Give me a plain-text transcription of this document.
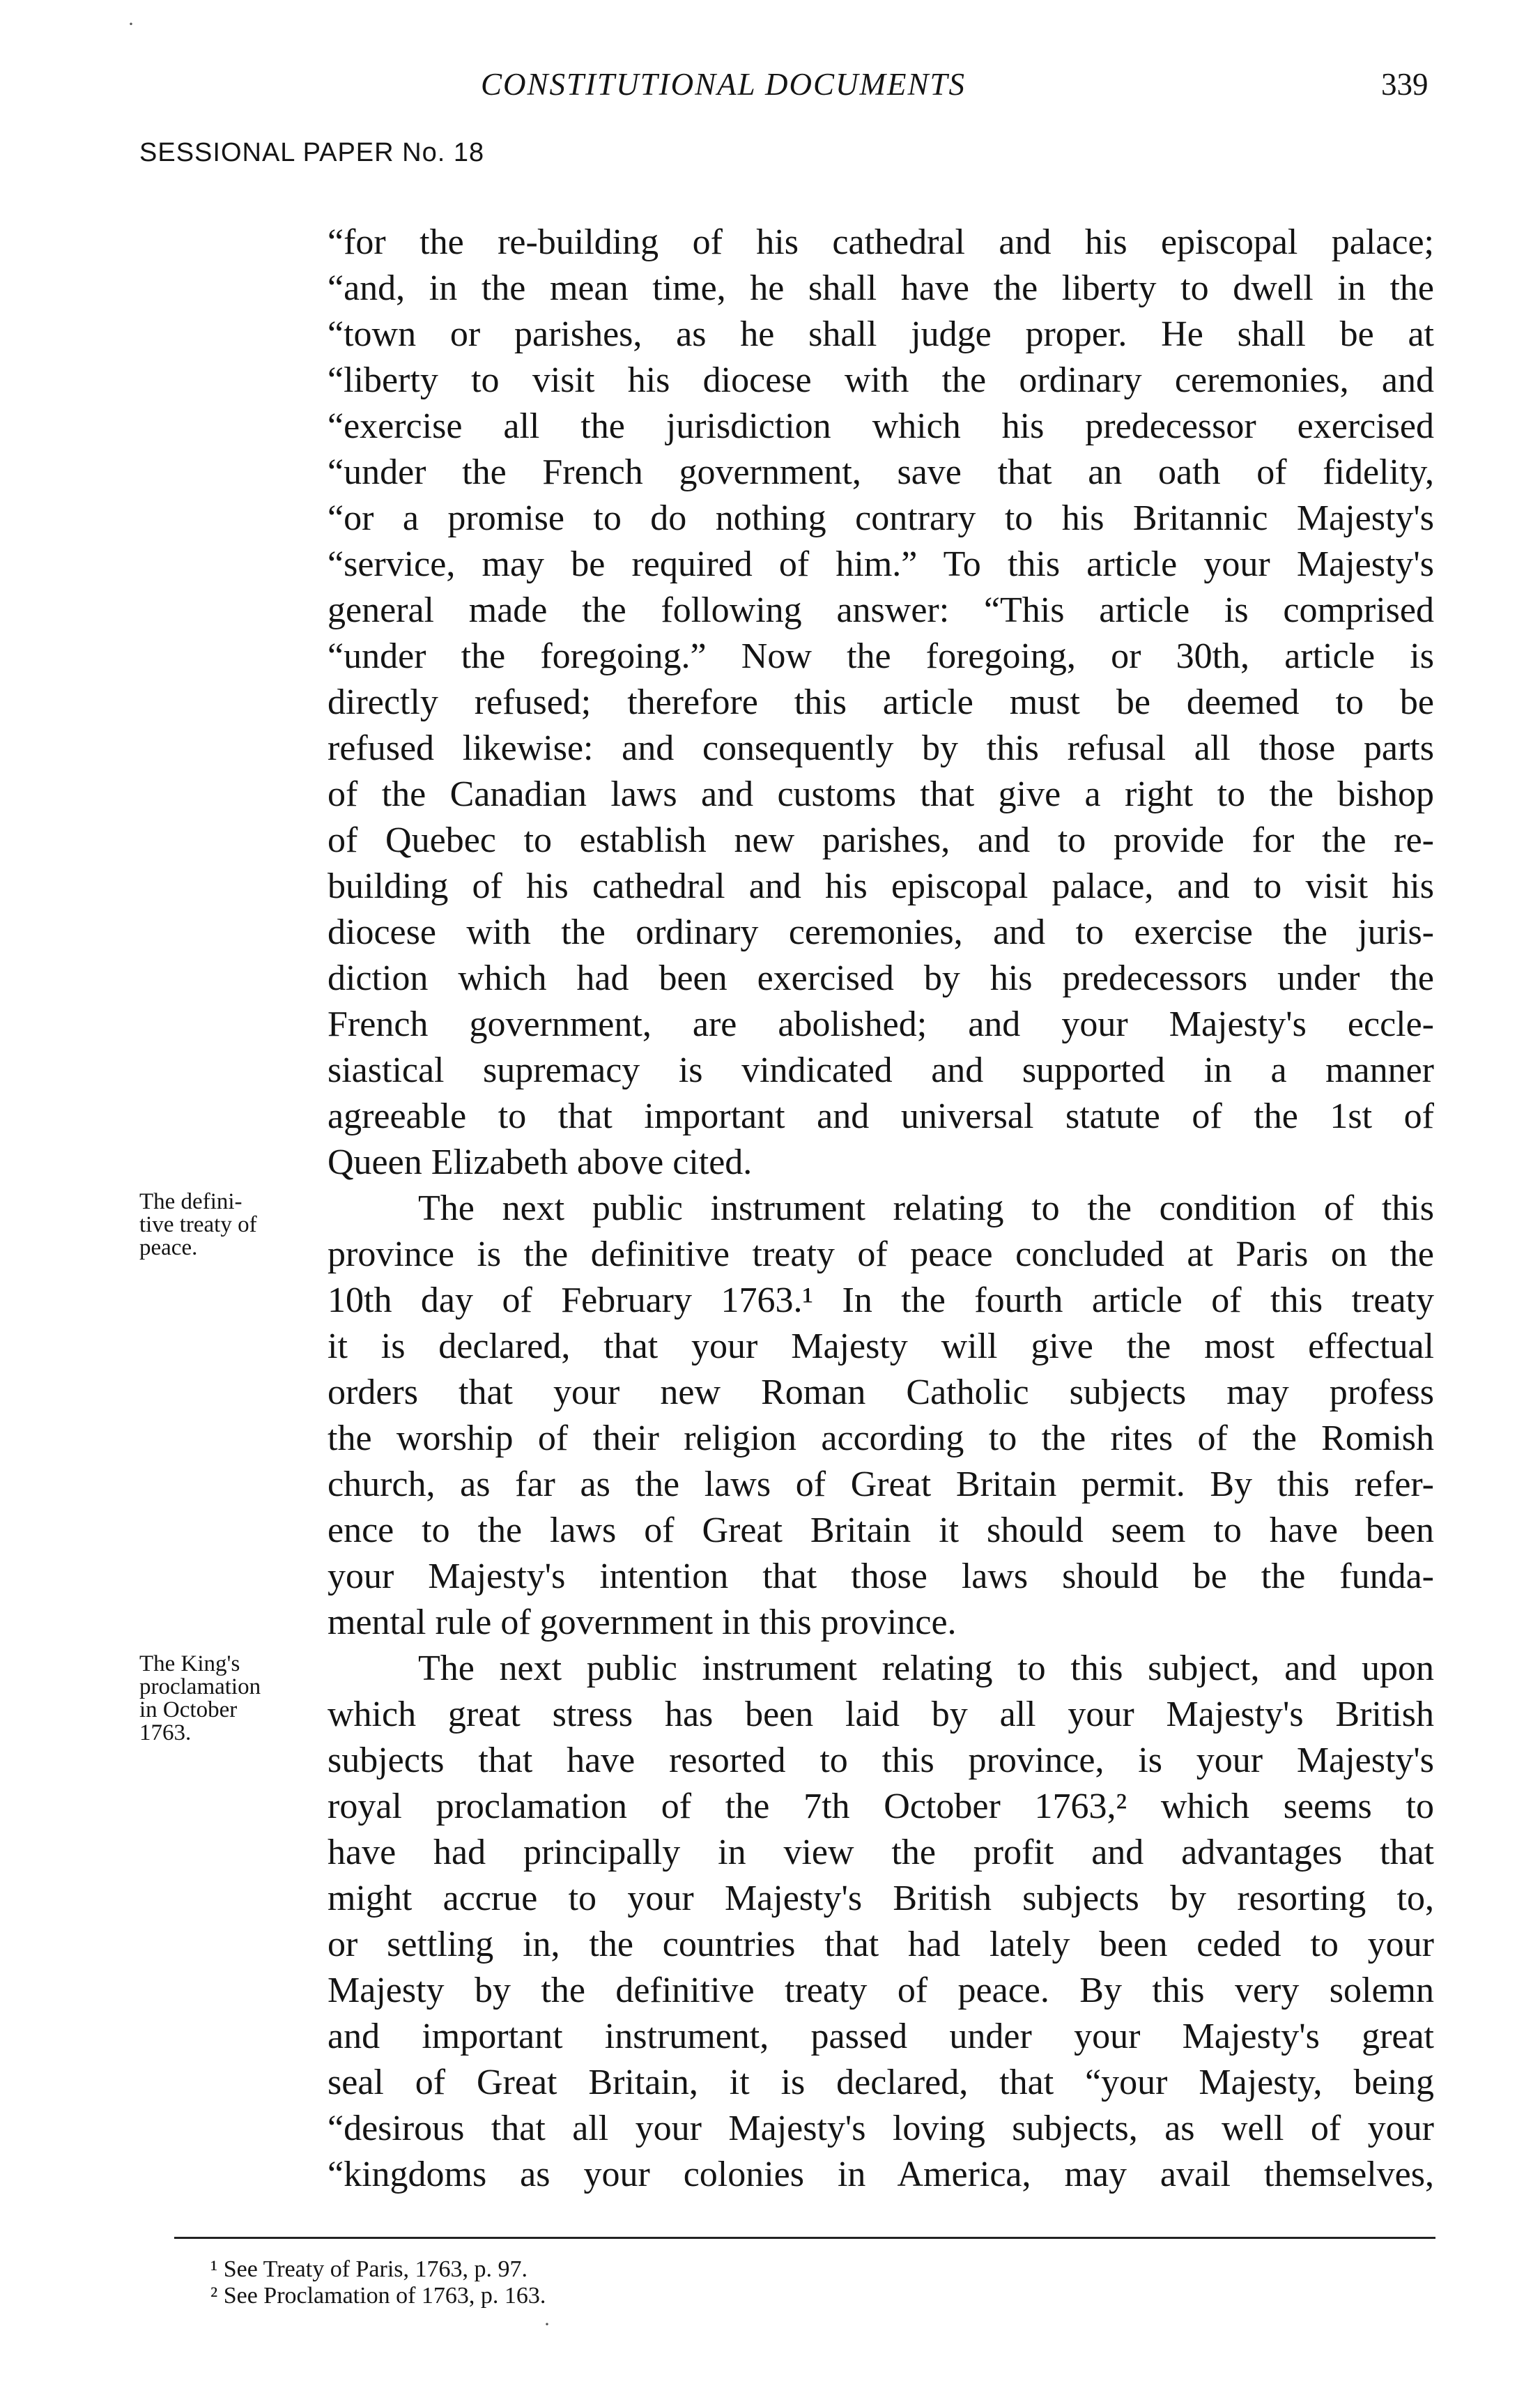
CONSTITUTIONAL DOCUMENTS	339
SESSIONAL PAPER No. 18
“for the re-building of his cathedral and his episcopal palace;
“and, in the mean time, he shall have the liberty to dwell in the
“town or parishes, as he shall judge proper. He shall be at
“liberty to visit his diocese with the ordinary ceremonies, and
“exercise all the jurisdiction which his predecessor exercised
“under the French government, save that an oath of fidelity,
“or a promise to do nothing contrary to his Britannic Majesty's
“service, may be required of him.” To this article your Majesty's
general made the following answer: “This article is comprised
“under the foregoing.” Now the foregoing, or 30th, article is
directly refused; therefore this article must be deemed to be
refused likewise: and consequently by this refusal all those parts
of the Canadian laws and customs that give a right to the bishop
of Quebec to establish new parishes, and to provide for the re-
building of his cathedral and his episcopal palace, and to visit his
diocese with the ordinary ceremonies, and to exercise the juris-
diction which had been exercised by his predecessors under the
French government, are abolished; and your Majesty's eccle-
siastical supremacy is vindicated and supported in a manner
agreeable to that important and universal statute of the 1st of
Queen Elizabeth above cited.
The next public instrument relating to the condition of this
province is the definitive treaty of peace concluded at Paris on the
10th day of February 1763.¹ In the fourth article of this treaty
it is declared, that your Majesty will give the most effectual
orders that your new Roman Catholic subjects may profess
the worship of their religion according to the rites of the Romish
church, as far as the laws of Great Britain permit. By this refer-
ence to the laws of Great Britain it should seem to have been
your Majesty's intention that those laws should be the funda-
mental rule of government in this province.
The next public instrument relating to this subject, and upon
which great stress has been laid by all your Majesty's British
subjects that have resorted to this province, is your Majesty's
royal proclamation of the 7th October 1763,² which seems to
have had principally in view the profit and advantages that
might accrue to your Majesty's British subjects by resorting to,
or settling in, the countries that had lately been ceded to your
Majesty by the definitive treaty of peace. By this very solemn
and important instrument, passed under your Majesty's great
seal of Great Britain, it is declared, that “your Majesty, being
“desirous that all your Majesty's loving subjects, as well of your
“kingdoms as your colonies in America, may avail themselves,
The defini-
tive treaty of
peace.
The King's
proclamation
in October
1763.
¹ See Treaty of Paris, 1763, p. 97.
² See Proclamation of 1763, p. 163.
·
·
